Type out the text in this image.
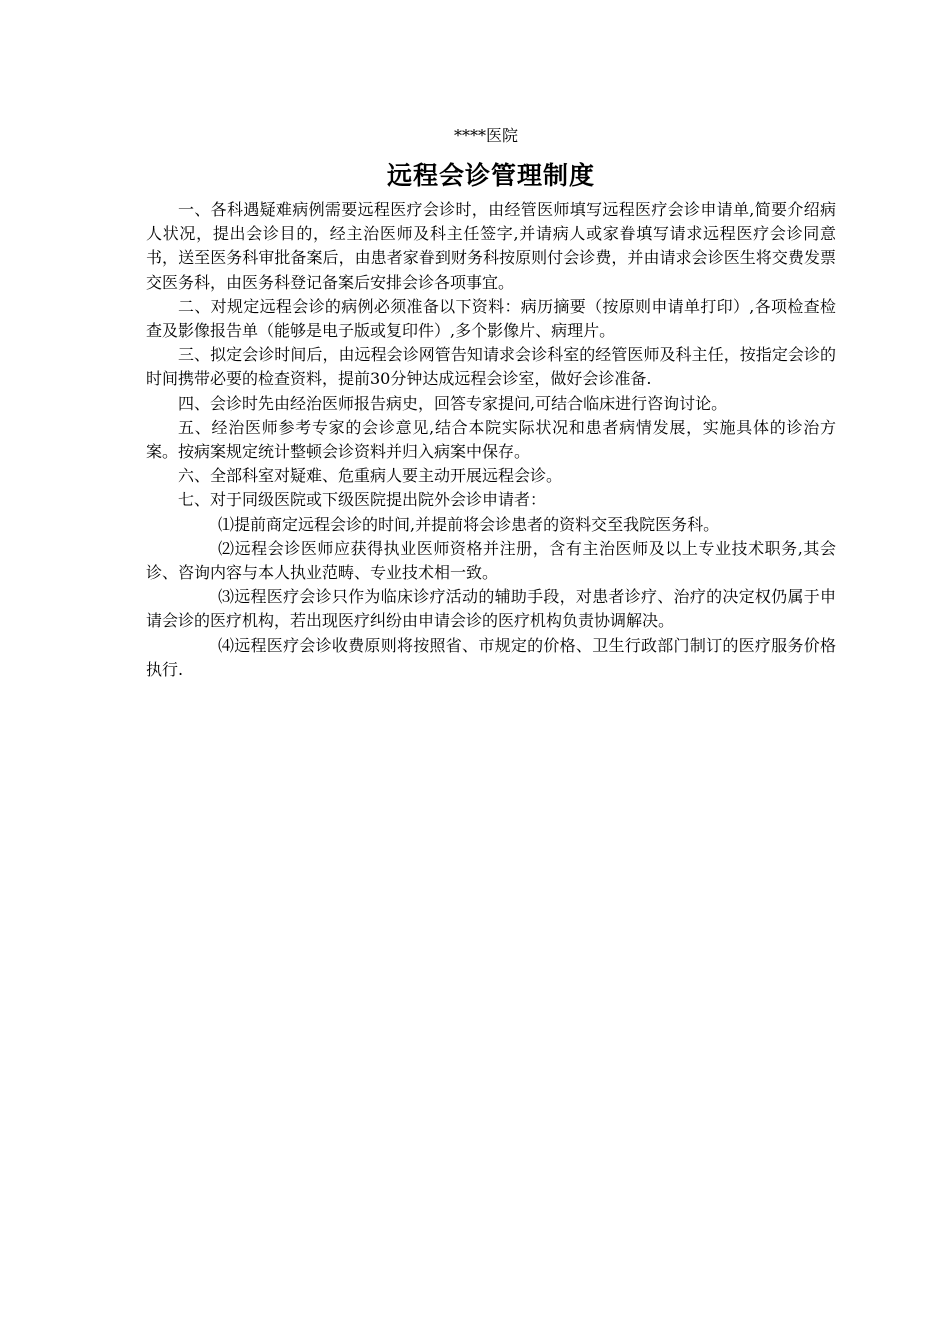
****医院
远程会诊管理制度

一、各科遇疑难病例需要远程医疗会诊时，由经管医师填写远程医疗会诊申请单,简要介绍病人状况，提出会诊目的，经主治医师及科主任签字,并请病人或家眷填写请求远程医疗会诊同意书，送至医务科审批备案后，由患者家眷到财务科按原则付会诊费，并由请求会诊医生将交费发票交医务科，由医务科登记备案后安排会诊各项事宜。

二、对规定远程会诊的病例必须准备以下资料：病历摘要（按原则申请单打印）,各项检查检查及影像报告单（能够是电子版或复印件）,多个影像片、病理片。

三、拟定会诊时间后，由远程会诊网管告知请求会诊科室的经管医师及科主任，按指定会诊的时间携带必要的检查资料，提前30分钟达成远程会诊室，做好会诊准备.

四、会诊时先由经治医师报告病史，回答专家提问,可结合临床进行咨询讨论。

五、经治医师参考专家的会诊意见,结合本院实际状况和患者病情发展，实施具体的诊治方案。按病案规定统计整顿会诊资料并归入病案中保存。

六、全部科室对疑难、危重病人要主动开展远程会诊。

七、对于同级医院或下级医院提出院外会诊申请者：

⑴提前商定远程会诊的时间,并提前将会诊患者的资料交至我院医务科。

⑵远程会诊医师应获得执业医师资格并注册，含有主治医师及以上专业技术职务,其会诊、咨询内容与本人执业范畴、专业技术相一致。

⑶远程医疗会诊只作为临床诊疗活动的辅助手段，对患者诊疗、治疗的决定权仍属于申请会诊的医疗机构，若出现医疗纠纷由申请会诊的医疗机构负责协调解决。

⑷远程医疗会诊收费原则将按照省、市规定的价格、卫生行政部门制订的医疗服务价格执行.
